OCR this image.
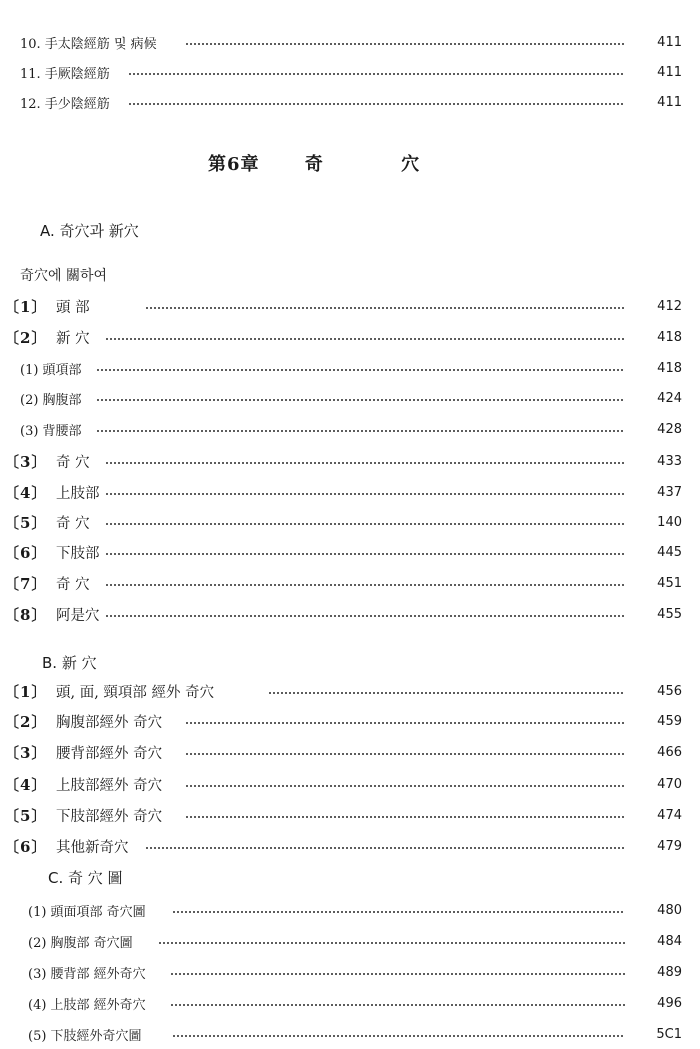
10. 手太陰經筋 및 病候	411
11. 手厥陰經筋	411
12. 手少陰經筋	411
第6章	奇	穴
A. 奇穴과 新穴
奇穴에 關하여
〔1〕 頭 部	412
〔2〕 新 穴	418
(1) 頭項部	418
(2) 胸腹部	424
(3) 背腰部	428
〔3〕 奇 穴	433
〔4〕 上肢部	437
〔5〕 奇 穴	140
〔6〕 下肢部	445
〔7〕 奇 穴	451
〔8〕 阿是穴	455
B. 新 穴
〔1〕 頭, 面, 頸項部 經外 奇穴	456
〔2〕 胸腹部經外 奇穴	459
〔3〕 腰背部經外 奇穴	466
〔4〕 上肢部經外 奇穴	470
〔5〕 下肢部經外 奇穴	474
〔6〕 其他新奇穴	479
C. 奇 穴 圖
(1) 頭面項部 奇穴圖	480
(2) 胸腹部 奇穴圖	484
(3) 腰背部 經外奇穴	489
(4) 上肢部 經外奇穴	496
(5) 下肢經外奇穴圖	5C1
